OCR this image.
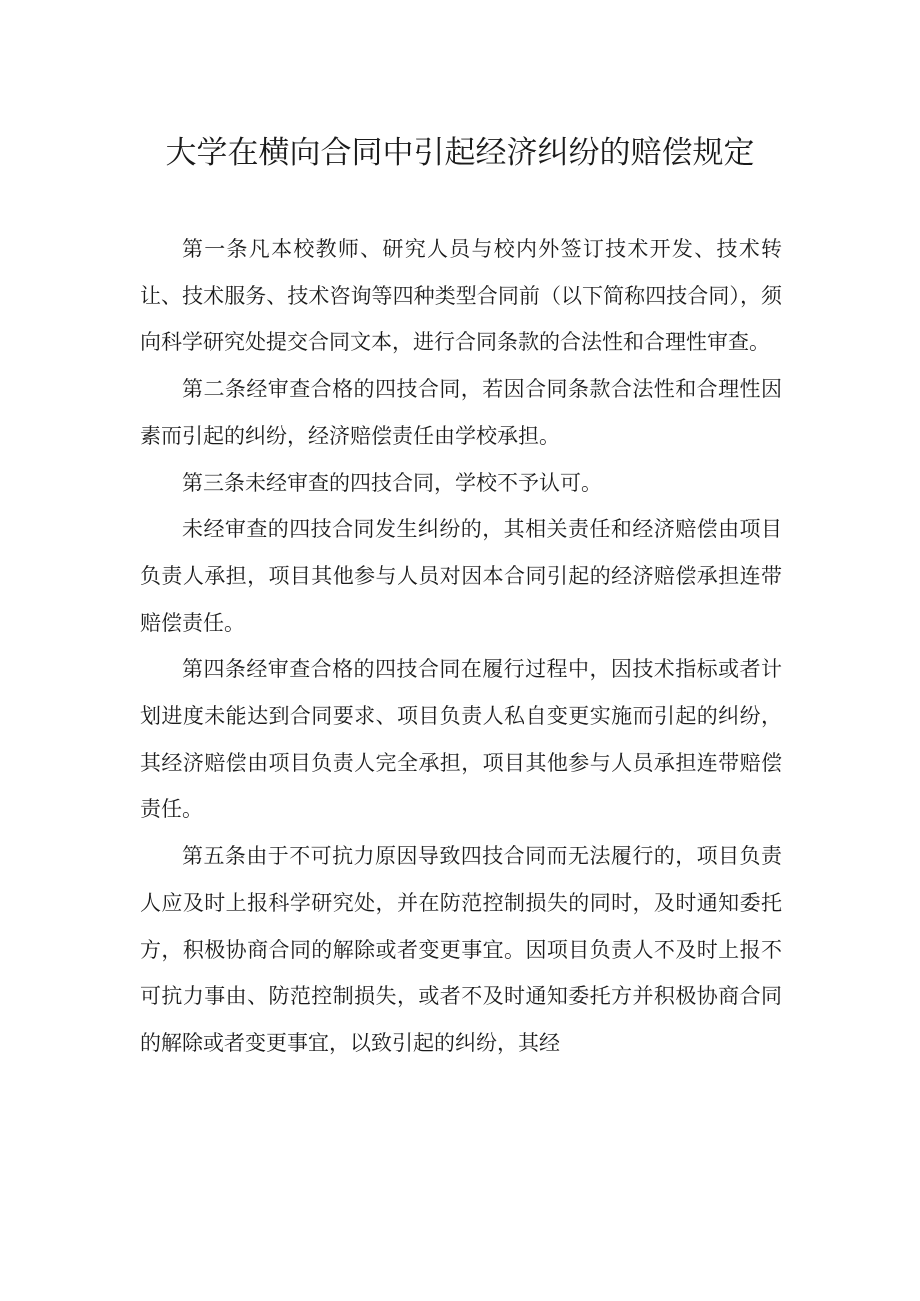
大学在横向合同中引起经济纠纷的赔偿规定

第一条凡本校教师、研究人员与校内外签订技术开发、技术转让、技术服务、技术咨询等四种类型合同前（以下简称四技合同），须向科学研究处提交合同文本，进行合同条款的合法性和合理性审查。

第二条经审查合格的四技合同，若因合同条款合法性和合理性因素而引起的纠纷，经济赔偿责任由学校承担。

第三条未经审查的四技合同，学校不予认可。

未经审查的四技合同发生纠纷的，其相关责任和经济赔偿由项目负责人承担，项目其他参与人员对因本合同引起的经济赔偿承担连带赔偿责任。

第四条经审查合格的四技合同在履行过程中，因技术指标或者计划进度未能达到合同要求、项目负责人私自变更实施而引起的纠纷，其经济赔偿由项目负责人完全承担，项目其他参与人员承担连带赔偿责任。

第五条由于不可抗力原因导致四技合同而无法履行的，项目负责人应及时上报科学研究处，并在防范控制损失的同时，及时通知委托方，积极协商合同的解除或者变更事宜。因项目负责人不及时上报不可抗力事由、防范控制损失，或者不及时通知委托方并积极协商合同的解除或者变更事宜，以致引起的纠纷，其经
